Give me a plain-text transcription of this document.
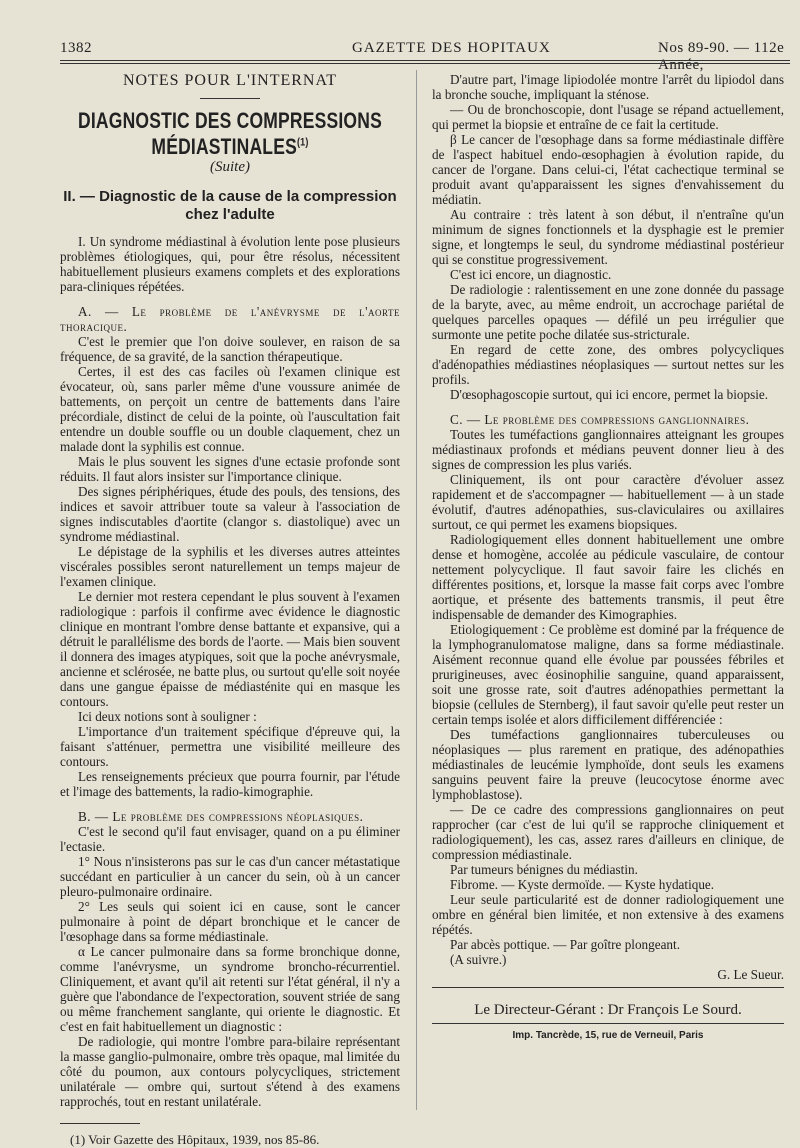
1382	GAZETTE DES HOPITAUX	Nos 89-90. — 112e Année,
NOTES POUR L'INTERNAT
DIAGNOSTIC DES COMPRESSIONS MÉDIASTINALES$^{(1)}$
(Suite)
II. — Diagnostic de la cause de la compression
chez l'adulte

I. Un syndrome médiastinal à évolution lente pose plusieurs problèmes étiologiques, qui, pour être résolus, nécessitent habituellement plusieurs examens complets et des explorations para-cliniques répétées.

A. — Le problème de l'anévrysme de l'aorte thoracique.

C'est le premier que l'on doive soulever, en raison de sa fréquence, de sa gravité, de la sanction thérapeutique.

Certes, il est des cas faciles où l'examen clinique est évocateur, où, sans parler même d'une voussure animée de battements, on perçoit un centre de battements dans l'aire précordiale, distinct de celui de la pointe, où l'auscultation fait entendre un double souffle ou un double claquement, chez un malade dont la syphilis est connue.

Mais le plus souvent les signes d'une ectasie profonde sont réduits. Il faut alors insister sur l'importance clinique.

Des signes périphériques, étude des pouls, des tensions, des indices et savoir attribuer toute sa valeur à l'association de signes indiscutables d'aortite (clangor s. diastolique) avec un syndrome médiastinal.

Le dépistage de la syphilis et les diverses autres atteintes viscérales possibles seront naturellement un temps majeur de l'examen clinique.

Le dernier mot restera cependant le plus souvent à l'examen radiologique : parfois il confirme avec évidence le diagnostic clinique en montrant l'ombre dense battante et expansive, qui a détruit le parallélisme des bords de l'aorte. — Mais bien souvent il donnera des images atypiques, soit que la poche anévrysmale, ancienne et sclérosée, ne batte plus, ou surtout qu'elle soit noyée dans une gangue épaisse de médiasténite qui en masque les contours.

Ici deux notions sont à souligner :

L'importance d'un traitement spécifique d'épreuve qui, la faisant s'atténuer, permettra une visibilité meilleure des contours.

Les renseignements précieux que pourra fournir, par l'étude et l'image des battements, la radio-kimographie.

B. — Le problème des compressions néoplasiques.

C'est le second qu'il faut envisager, quand on a pu éliminer l'ectasie.

1° Nous n'insisterons pas sur le cas d'un cancer métastatique succédant en particulier à un cancer du sein, où à un cancer pleuro-pulmonaire ordinaire.

2° Les seuls qui soient ici en cause, sont le cancer pulmonaire à point de départ bronchique et le cancer de l'œsophage dans sa forme médiastinale.

α Le cancer pulmonaire dans sa forme bronchique donne, comme l'anévrysme, un syndrome broncho-récurrentiel. Cliniquement, et avant qu'il ait retenti sur l'état général, il n'y a guère que l'abondance de l'expectoration, souvent striée de sang ou même franchement sanglante, qui oriente le diagnostic. Et c'est en fait habituellement un diagnostic :

De radiologie, qui montre l'ombre para-bilaire représentant la masse ganglio-pulmonaire, ombre très opaque, mal limitée du côté du poumon, aux contours polycycliques, strictement unilatérale — ombre qui, surtout s'étend à des examens rapprochés, tout en restant unilatérale.

(1) Voir Gazette des Hôpitaux, 1939, nos 85-86.

D'autre part, l'image lipiodolée montre l'arrêt du lipiodol dans la bronche souche, impliquant la sténose.

— Ou de bronchoscopie, dont l'usage se répand actuellement, qui permet la biopsie et entraîne de ce fait la certitude.

β Le cancer de l'œsophage dans sa forme médiastinale diffère de l'aspect habituel endo-œsophagien à évolution rapide, du cancer de l'organe. Dans celui-ci, l'état cachectique terminal se produit avant qu'apparaissent les signes d'envahissement du médiatin.

Au contraire : très latent à son début, il n'entraîne qu'un minimum de signes fonctionnels et la dysphagie est le premier signe, et longtemps le seul, du syndrome médiastinal postérieur qui se constitue progressivement.

C'est ici encore, un diagnostic.

De radiologie : ralentissement en une zone donnée du passage de la baryte, avec, au même endroit, un accrochage pariétal de quelques parcelles opaques — défilé un peu irrégulier que surmonte une petite poche dilatée sus-stricturale.

En regard de cette zone, des ombres polycycliques d'adénopathies médiastines néoplasiques — surtout nettes sur les profils.

D'œsophagoscopie surtout, qui ici encore, permet la biopsie.

C. — Le problème des compressions ganglionnaires.

Toutes les tuméfactions ganglionnaires atteignant les groupes médiastinaux profonds et médians peuvent donner lieu à des signes de compression les plus variés.

Cliniquement, ils ont pour caractère d'évoluer assez rapidement et de s'accompagner — habituellement — à un stade évolutif, d'autres adénopathies, sus-claviculaires ou axillaires surtout, ce qui permet les examens biopsiques.

Radiologiquement elles donnent habituellement une ombre dense et homogène, accolée au pédicule vasculaire, de contour nettement polycyclique. Il faut savoir faire les clichés en différentes positions, et, lorsque la masse fait corps avec l'ombre aortique, et présente des battements transmis, il peut être indispensable de demander des Kimographies.

Etiologiquement : Ce problème est dominé par la fréquence de la lymphogranulomatose maligne, dans sa forme médiastinale. Aisément reconnue quand elle évolue par poussées fébriles et prurigineuses, avec éosinophilie sanguine, quand apparaissent, soit une grosse rate, soit d'autres adénopathies permettant la biopsie (cellules de Sternberg), il faut savoir qu'elle peut rester un certain temps isolée et alors difficilement différenciée :

Des tuméfactions ganglionnaires tuberculeuses ou néoplasiques — plus rarement en pratique, des adénopathies médiastinales de leucémie lymphoïde, dont seuls les examens sanguins peuvent faire la preuve (leucocytose énorme avec lymphoblastose).

— De ce cadre des compressions ganglionnaires on peut rapprocher (car c'est de lui qu'il se rapproche cliniquement et radiologiquement), les cas, assez rares d'ailleurs en clinique, de compression médiastinale.

Par tumeurs bénignes du médiastin.

Fibrome. — Kyste dermoïde. — Kyste hydatique.

Leur seule particularité est de donner radiologiquement une ombre en général bien limitée, et non extensive à des examens répétés.

Par abcès pottique. — Par goître plongeant.

(A suivre.)

G. Le Sueur.
Le Directeur-Gérant : Dr François Le Sourd.
Imp. Tancrède, 15, rue de Verneuil, Paris
